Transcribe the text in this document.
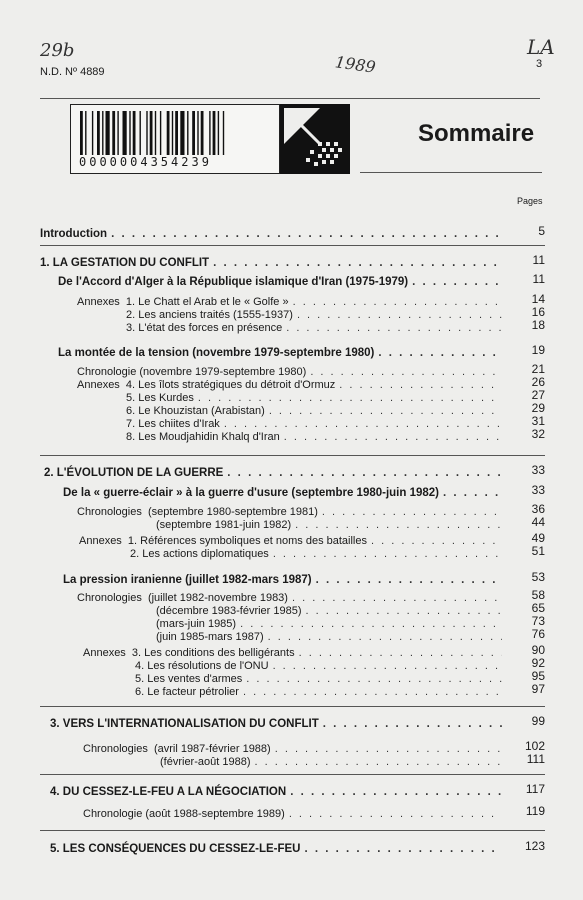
29b
1989
LA
N.D. Nº 4889
3
0000004354239
Sommaire
Pages
Introduction . . .	5
1. LA GESTATION DU CONFLIT . . .	11
De l'Accord d'Alger à la République islamique d'Iran (1975-1979) . . .	11
Annexes 1. Le Chatt el Arab et le « Golfe » . . .	14
2. Les anciens traités (1555-1937) . . .	16
3. L'état des forces en présence . . .	18
La montée de la tension (novembre 1979-septembre 1980) . . .	19
Chronologie (novembre 1979-septembre 1980) . . .	21
Annexes 4. Les îlots stratégiques du détroit d'Ormuz . . .	26
5. Les Kurdes . . .	27
6. Le Khouzistan (Arabistan) . . .	29
7. Les chiites d'Irak . . .	31
8. Les Moudjahidin Khalq d'Iran . . .	32
2. L'ÉVOLUTION DE LA GUERRE . . .	33
De la « guerre-éclair » à la guerre d'usure (septembre 1980-juin 1982) . . .	33
Chronologies (septembre 1980-septembre 1981) . . .	36
(septembre 1981-juin 1982) . . .	44
Annexes 1. Références symboliques et noms des batailles . . .	49
2. Les actions diplomatiques . . .	51
La pression iranienne (juillet 1982-mars 1987) . . .	53
Chronologies (juillet 1982-novembre 1983) . . .	58
(décembre 1983-février 1985) . . .	65
(mars-juin 1985) . . .	73
(juin 1985-mars 1987) . . .	76
Annexes 3. Les conditions des belligérants . . .	90
4. Les résolutions de l'ONU . . .	92
5. Les ventes d'armes . . .	95
6. Le facteur pétrolier . . .	97
3. VERS L'INTERNATIONALISATION DU CONFLIT . . .	99
Chronologies (avril 1987-février 1988) . . .	102
(février-août 1988) . . .	111
4. DU CESSEZ-LE-FEU A LA NÉGOCIATION . . .	117
Chronologie (août 1988-septembre 1989) . . .	119
5. LES CONSÉQUENCES DU CESSEZ-LE-FEU . . .	123
